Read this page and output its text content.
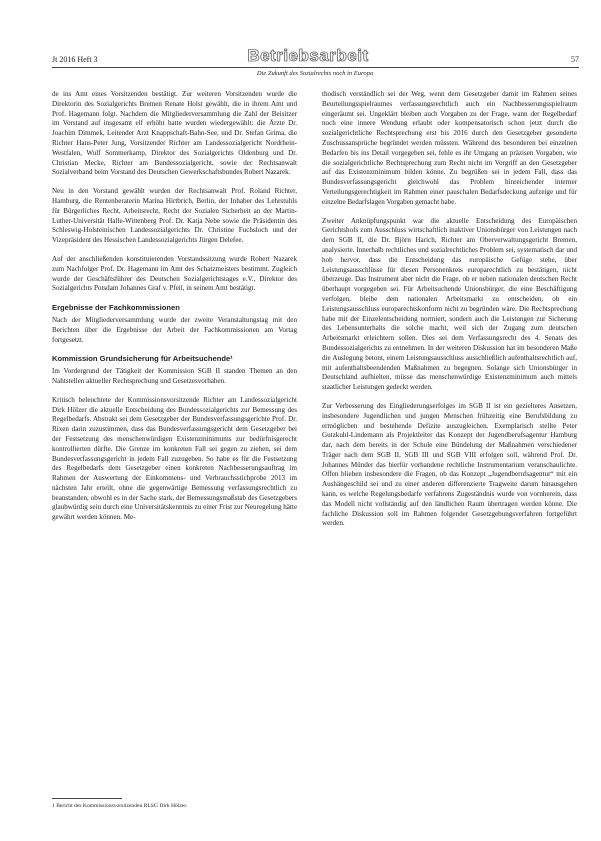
Jt 2016 Heft 3	Betriebsarbeit
Die Zukunft des Sozialrechts noch in Europa
57

de ins Amt eines Vorsitzenden bestätigt. Zur weiteren Vorsitzenden wurde die Direktorin des Sozialgerichts Bremen Renate Holst gewählt, die in ihrem Amt und Prof. Hagemann folgt. Nachdem die Mitgliederversammlung die Zahl der Beisitzer im Vorstand auf insgesamt elf erhöht hatte wurden wiedergewählt: die Ärzte Dr. Joachim Dimmek, Leitender Arzt Knappschaft-Bahn-See, und Dr. Stefan Grima, die Richter Hans-Peter Jung, Vorsitzender Richter am Landessozialgericht Nordrhein-Westfalen, Wulf Sommerkamp, Direktor des Sozialgerichts Oldenburg und Dr. Christian Mecke, Richter am Bundessozialgericht, sowie der Rechtsanwalt Sozialverband beim Vorstand des Deutschen Gewerkschaftsbundes Robert Nazarek.

Neu in den Vorstand gewählt wurden der Rechtsanwalt Prof. Roland Richter, Hamburg, die Rentenberaterin Marina Hirtbrich, Berlin, der Inhaber des Lehrstuhls für Bürgerliches Recht, Arbeitsrecht, Recht der Sozialen Sicherheit an der Martin-Luther-Universität Halle-Wittenberg Prof. Dr. Katja Nebe sowie die Präsidentin des Schleswig-Holsteinischen Landessozialgerichts Dr. Christine Fuchsloch und der Vizepräsident des Hessischen Landessozialgerichts Jürgen Delefee.

Auf der anschließenden konstituierenden Vorstandssitzung wurde Robert Nazarek zum Nachfolger Prof. Dr. Hagemann im Amt des Schatzmeisters bestimmt. Zugleich wurde der Geschäftsführer des Deutschen Sozialgerichtstages e.V., Direktor des Sozialgerichts Potsdam Johannes Graf v. Pfeil, in seinem Amt bestätigt.

Ergebnisse der Fachkommissionen

Nach der Mitgliederversammlung wurde der zweite Veranstaltungstag mit den Berichten über die Ergebnisse der Arbeit der Fachkommissionen am Vortag fortgesetzt.

Kommission Grundsicherung für Arbeitsuchende¹

Im Vordergrund der Tätigkeit der Kommission SGB II standen Themen an den Nahtstellen aktueller Rechtsprechung und Gesetzesvorhaben.

Kritisch beleuchtete der Kommissionsvorsitzende Richter am Landessozialgericht Dirk Hölzer die aktuelle Entscheidung des Bundessozialgerichts zur Bemessung des Regelbedarfs. Abstrakt sei dem Gesetzgeber der Bundesverfassungsgerichte Prof. Dr. Rixen darin zuzustimmen, dass das Bundesverfassungsgericht dem Gesetzgeber bei der Festsetzung des menschenwürdigen Existenzminimums zur bedürfnisgerecht kontrollierten dürfte. Die Grenze im konkreten Fall sei gegen zu ziehen, sei dem Bundesverfassungsgericht in jedem Fall zuzugeben. So habe es für die Festsetzung des Regelbedarfs dem Gesetzgeber einen konkreten Nachbesserungsauftrag im Rahmen der Auswertung der Einkommens- und Verbrauchsstichprobe 2013 im nächsten Jahr erteilt, ohne die gegenwärtige Bemessung verfassungsrechtlich zu beanstanden, obwohl es in der Sache stark, der Bemessungsmaßstab des Gesetzgebers glaubwürdig sein durch eine Universitätskenntnis zu einer Frist zur Neuregelung hätte gewährt werden können. Me-

thodisch verständlich sei der Weg, wenn dem Gesetzgeber damit im Rahmen seines Beurteilungsspielraumes verfassungsrechtlich auch ein Nachbesserungsspielraum eingeräumt sei. Ungeklärt bleiben auch Vorgaben zu der Frage, wann der Regelbedarf noch eine innere Wendung erlaubt oder kompensatorisch schon jetzt durch die sozialgerichtliche Rechtsprechung erst bis 2016 durch den Gesetzgeber gesonderte Zuschussansprüche begründet werden müssten. Während des besonderen bei einzelnen Bedarfen bis ins Detail vorgegeben sei, fehle es ihr Umgang an präzisen Vorgaben, wie die sozialgerichtliche Rechtsprechung zum Recht nicht im Vorgriff an den Gesetzgeber auf das Existenzminimum bilden könne. Zu begrüßen sei in jedem Fall, dass das Bundesverfassungsgericht gleichwohl das Problem hinreichender interner Verteilungsgerechtigkeit im Rahmen einer pauschalen Bedarfsdeckung aufzeige und für einzelne Bedarfslagen Vorgaben gemacht habe.

Zweiter Anknüpfungspunkt war die aktuelle Entscheidung des Europäischen Gerichtshofs zum Ausschluss wirtschaftlich inaktiver Unionsbürger von Leistungen nach dem SGB II, die Dr. Björn Harich, Richter am Oberverwaltungsgericht Bremen, analysierte. Innerhalb rechtliches und sozialrechtliches Problem sei, systematisch dar und hob hervor, dass die Entscheidung das europäische Gefüge stehe, über Leistungsausschlüsse für diesen Personenkreis europarechtlich zu bestätigen, nicht überzeuge. Das Instrument aber nicht die Frage, ob er neben nationalen deutschen Recht überhaupt vorgegeben sei. Für Arbeitsuchende Unionsbürger, die eine Beschäftigung verfolgen, bleibe dem nationalen Arbeitsmarkt zu entscheiden, ob ein Leistungsausschluss europarechtskonform nicht zu begründen wäre. Die Rechtsprechung habe mit der Einzelentscheidung normiert, sondern auch die Leistungen zur Sicherung des Lebensunterhalts die solche macht, weil sich der Zugang zum deutschen Arbeitsmarkt erleichtern sollen. Dies sei dem Verfassungsrecht des 4. Senats des Bundessozialgerichts zu entnehmen. In der weiteren Diskussion hat im besonderen Maße die Auslegung betont, einem Leistungsausschluss ausschließlich aufenthaltsrechtlich auf, mit aufenthaltsbeendenden Maßnahmen zu begegnen. Solange sich Unionsbürger in Deutschland aufhielten, müsse das menschenwürdige Existenzminimum auch mittels staatlicher Leistungen gedeckt werden.

Zur Verbesserung des Eingliederungserfolges im SGB II ist ein gezielteres Ansetzen, insbesondere Jugendlichen und jungen Menschen frühzeitig eine Berufsbildung zu ermöglichen und bestehende Defizite auszugleichen. Exemplarisch stellte Peter Gutzkuhl-Lindemann als Projektleiter das Konzept der Jugendberufsagentur Hamburg dar, nach dem bereits in der Schule eine Bündelung der Maßnahmen verschiedener Träger nach dem SGB II, SGB III und SGB VIII erfolgen soll, während Prof. Dr. Johannes Münder das hierfür vorhandene rechtliche Instrumentarium veranschaulichte. Offen blieben insbesondere die Fragen, ob das Konzept „Jugendberufsagentur“ mit ein Aushängeschild sei und zu einer anderen differenzierte Tragweite darum hinausgehen kann, es welche Regelungsbedarfe verfahrens Zugeständnis wurde von vornherein, dass das Modell nicht vollständig auf den ländlichen Raum übertragen werden könne. Die fachliche Diskussion soll im Rahmen folgender Gesetzgebungsverfahren fortgeführt werden.

1 Bericht des Kommissionsvorsitzenden RLSG Dirk Hölzer.
